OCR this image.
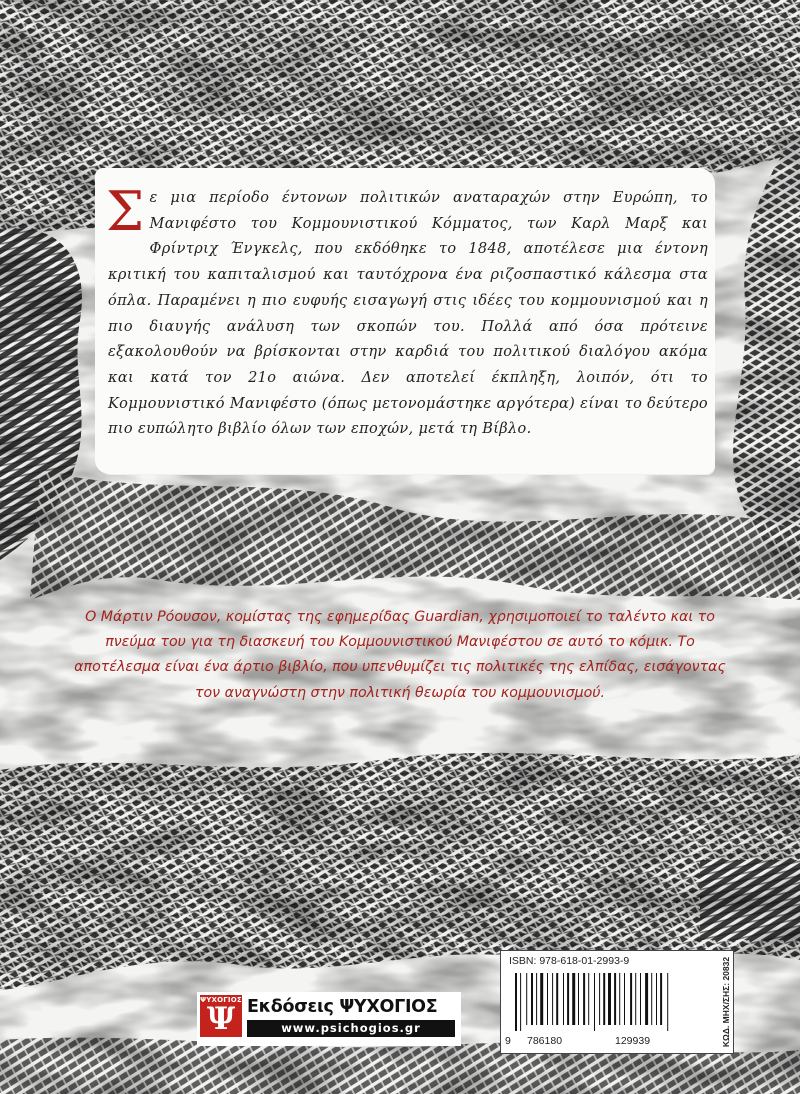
Σε μια περίοδο έντονων πολιτικών αναταραχών στην Ευρώπη, το Μανιφέστο του Κομμουνιστικού Κόμματος, των Καρλ Μαρξ και Φρίντριχ Ένγκελς, που εκδόθηκε το 1848, αποτέλεσε μια έντονη κριτική του καπιταλισμού και ταυτόχρονα ένα ριζοσπαστικό κάλεσμα στα όπλα. Παραμένει η πιο ευφυής εισαγωγή στις ιδέες του κομμουνισμού και η πιο διαυγής ανάλυση των σκοπών του. Πολλά από όσα πρότεινε εξακολουθούν να βρίσκονται στην καρδιά του πολιτικού διαλόγου ακόμα και κατά τον 21ο αιώνα. Δεν αποτελεί έκπληξη, λοιπόν, ότι το Κομμουνιστικό Μανιφέστο (όπως μετονομάστηκε αργότερα) είναι το δεύτερο πιο ευπώλητο βιβλίο όλων των εποχών, μετά τη Βίβλο.

Ο Μάρτιν Ρόουσον, κομίστας της εφημερίδας Guardian, χρησιμοποιεί το ταλέντο και το πνεύμα του για τη διασκευή του Κομμουνιστικού Μανιφέστου σε αυτό το κόμικ. Το αποτέλεσμα είναι ένα άρτιο βιβλίο, που υπενθυμίζει τις πολιτικές της ελπίδας, εισάγοντας τον αναγνώστη στην πολιτική θεωρία του κομμουνισμού.

ΨΥΧΟΓΙΟΣ
Ψ Εκδόσεις ΨΥΧΟΓΙΟΣ
www.psichogios.gr
ISBN: 978-618-01-2993-9
9 786180	129939	ΚΩΔ. ΜΗΧ/ΣΗΣ: 20832
